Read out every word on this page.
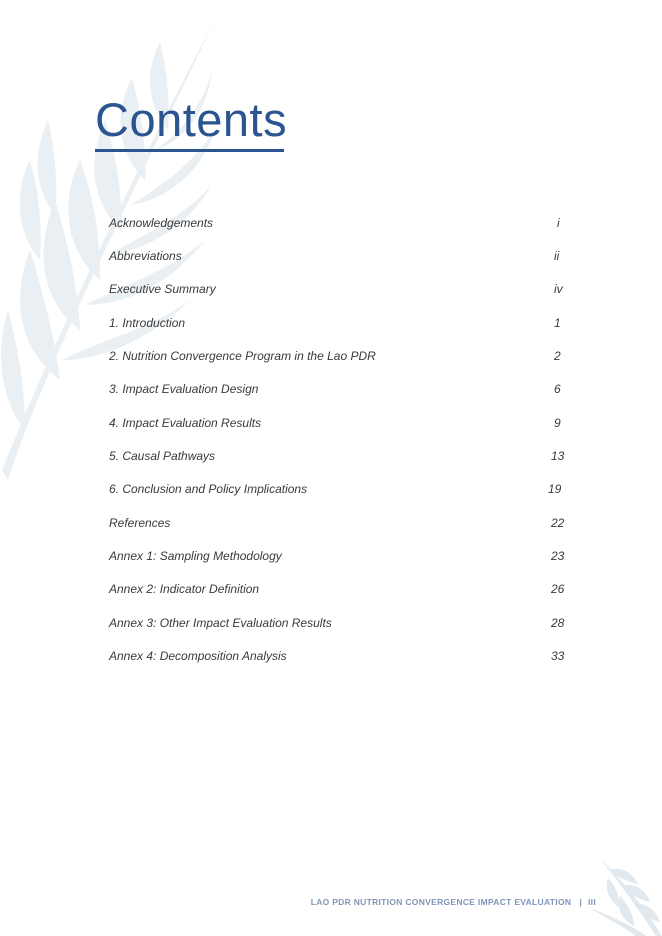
Contents
Acknowledgements	i
Abbreviations	ii
Executive Summary	iv
1. Introduction	1
2. Nutrition Convergence Program in the Lao PDR	2
3. Impact Evaluation Design	6
4. Impact Evaluation Results	9
5. Causal Pathways	13
6. Conclusion and Policy Implications	19
References	22
Annex 1: Sampling Methodology	23
Annex 2: Indicator Definition	26
Annex 3: Other Impact Evaluation Results	28
Annex 4: Decomposition Analysis	33
LAO PDR NUTRITION CONVERGENCE IMPACT EVALUATION | III
